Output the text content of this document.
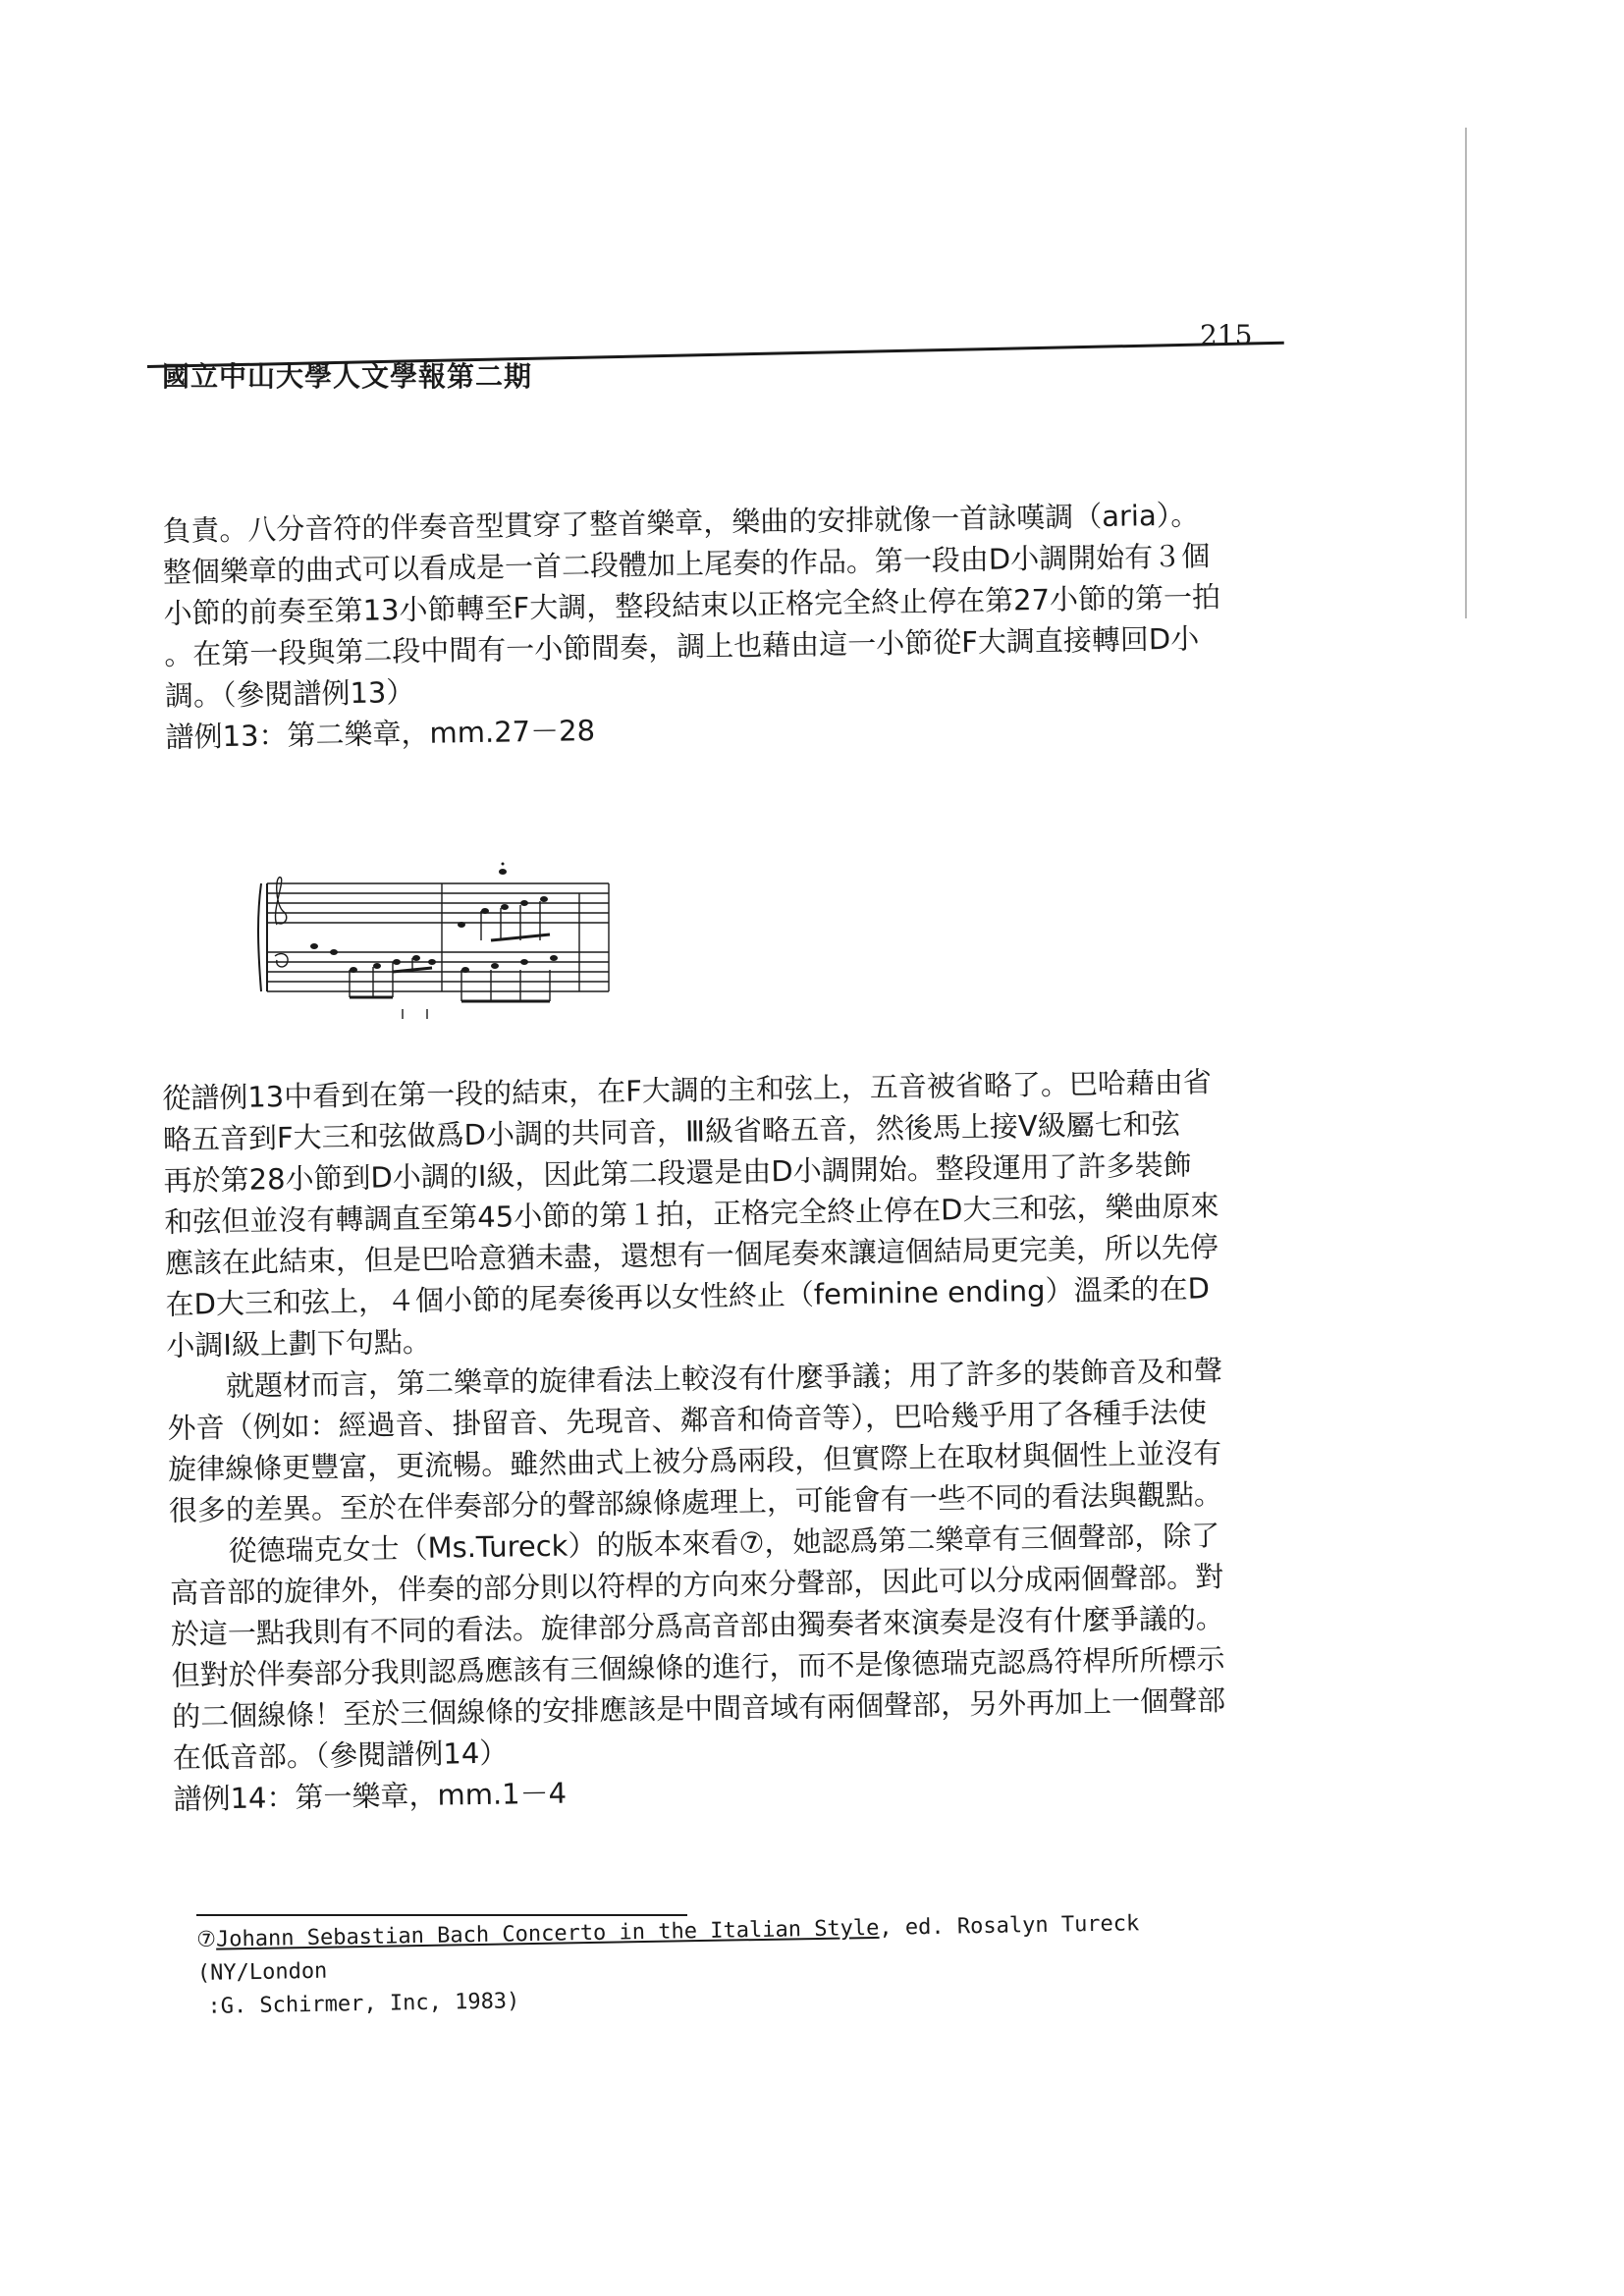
215
國立中山大學人文學報第二期

負責。八分音符的伴奏音型貫穿了整首樂章，樂曲的安排就像一首詠嘆調（aria）。

整個樂章的曲式可以看成是一首二段體加上尾奏的作品。第一段由D小調開始有３個

小節的前奏至第13小節轉至F大調，整段結束以正格完全終止停在第27小節的第一拍

。在第一段與第二段中間有一小節間奏，調上也藉由這一小節從F大調直接轉回D小

調。（參閱譜例13）

譜例13：第二樂章，mm.27－28

從譜例13中看到在第一段的結束，在F大調的主和弦上，五音被省略了。巴哈藉由省

略五音到F大三和弦做爲D小調的共同音，Ⅲ級省略五音，然後馬上接Ⅴ級屬七和弦

再於第28小節到D小調的Ⅰ級，因此第二段還是由D小調開始。整段運用了許多裝飾

和弦但並沒有轉調直至第45小節的第１拍，正格完全終止停在D大三和弦，樂曲原來

應該在此結束，但是巴哈意猶未盡，還想有一個尾奏來讓這個結局更完美，所以先停

在D大三和弦上，４個小節的尾奏後再以女性終止（feminine ending）溫柔的在D

小調Ⅰ級上劃下句點。

就題材而言，第二樂章的旋律看法上較沒有什麼爭議；用了許多的裝飾音及和聲

外音（例如：經過音、掛留音、先現音、鄰音和倚音等），巴哈幾乎用了各種手法使

旋律線條更豐富，更流暢。雖然曲式上被分爲兩段，但實際上在取材與個性上並沒有

很多的差異。至於在伴奏部分的聲部線條處理上，可能會有一些不同的看法與觀點。

從德瑞克女士（Ms.Tureck）的版本來看⑦，她認爲第二樂章有三個聲部，除了

高音部的旋律外，伴奏的部分則以符桿的方向來分聲部，因此可以分成兩個聲部。對

於這一點我則有不同的看法。旋律部分爲高音部由獨奏者來演奏是沒有什麼爭議的。

但對於伴奏部分我則認爲應該有三個線條的進行，而不是像德瑞克認爲符桿所所標示

的二個線條！至於三個線條的安排應該是中間音域有兩個聲部，另外再加上一個聲部

在低音部。（參閱譜例14）

譜例14：第一樂章，mm.1－4

⑦Johann Sebastian Bach Concerto in the Italian Style, ed. Rosalyn Tureck (NY/London
:G. Schirmer, Inc, 1983)
